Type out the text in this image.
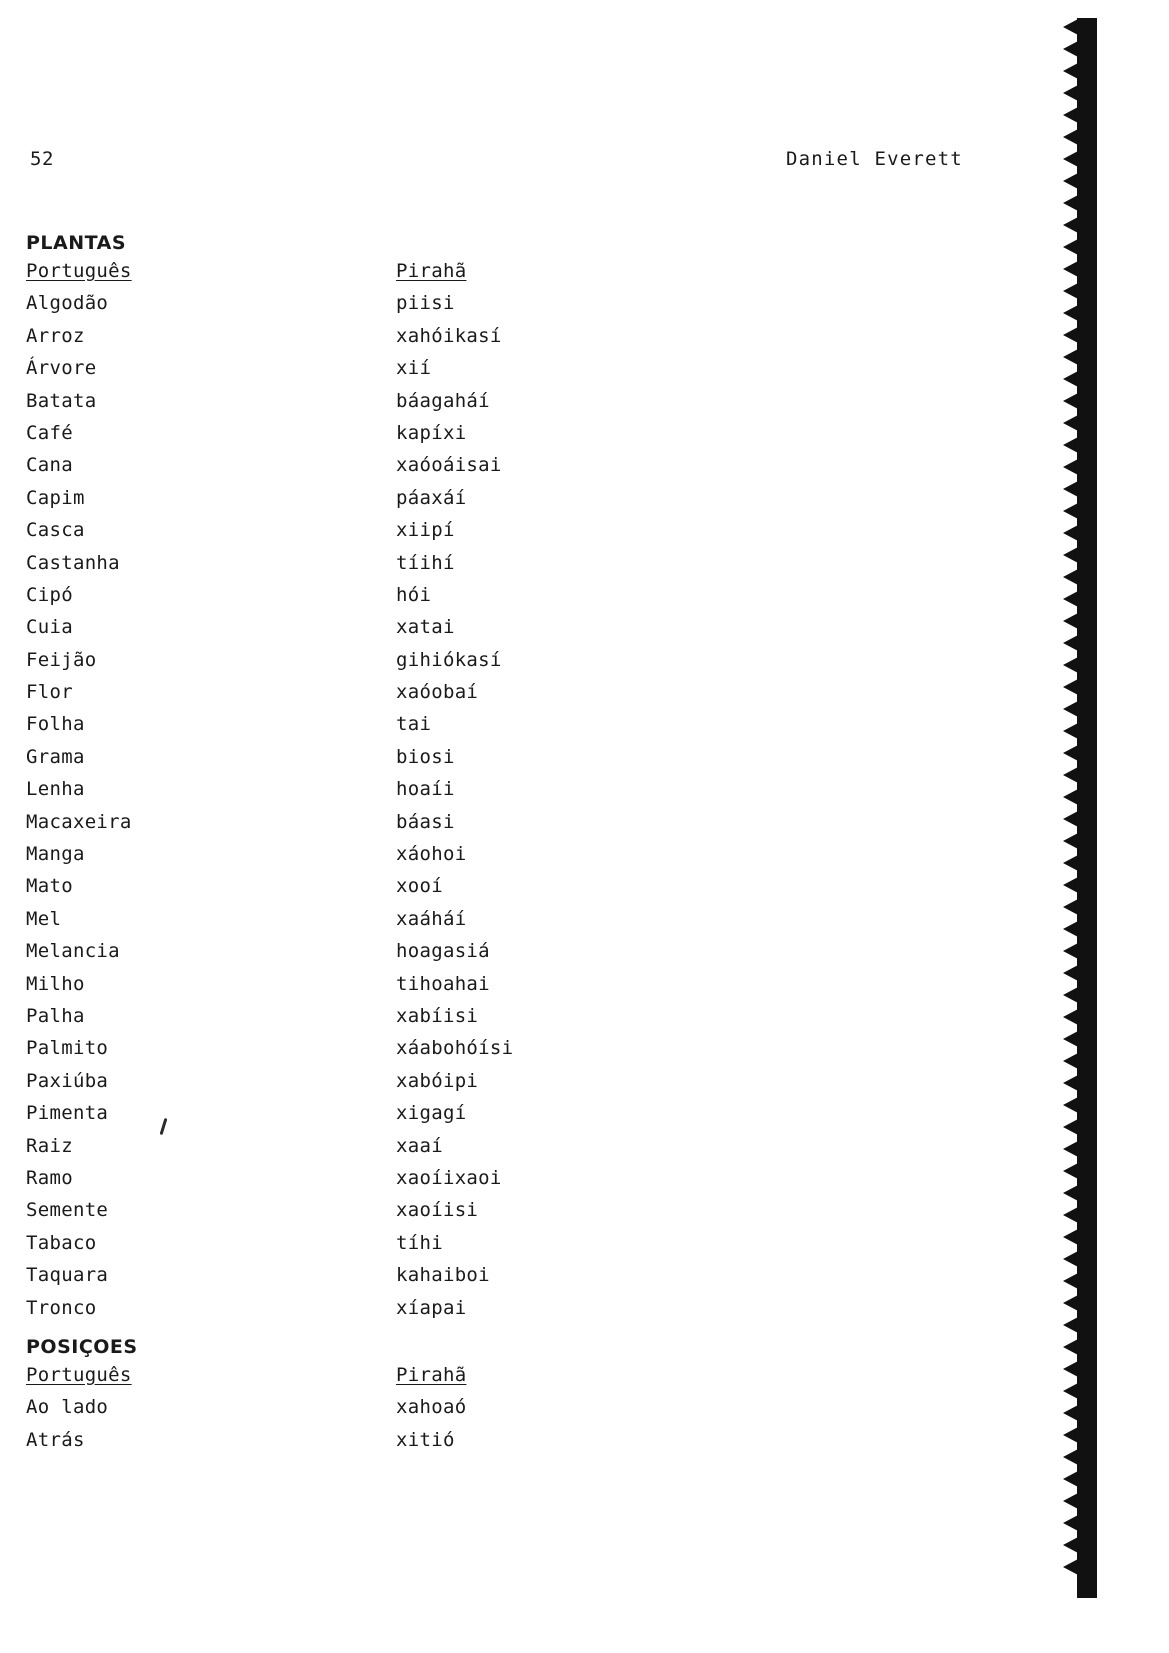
52	Daniel Everett
PLANTAS
Português	Pirahã
Algodão	piisi
Arroz	xahóikasí
Árvore	xií
Batata	báagaháí
Café	kapíxi
Cana	xaóoáisai
Capim	páaxáí
Casca	xiipí
Castanha	tíihí
Cipó	hói
Cuia	xatai
Feijão	gihiókasí
Flor	xaóobaí
Folha	tai
Grama	biosi
Lenha	hoaíi
Macaxeira	báasi
Manga	xáohoi
Mato	xooí
Mel	xaáháí
Melancia	hoagasiá
Milho	tihoahai
Palha	xabíisi
Palmito	xáabohóísi
Paxiúba	xabóipi
Pimenta	xigagí
Raiz	xaaí
Ramo	xaoíixaoi
Semente	xaoíisi
Tabaco	tíhi
Taquara	kahaiboi
Tronco	xíapai
POSIÇOES
Português	Pirahã
Ao lado	xahoaó
Atrás	xitió
